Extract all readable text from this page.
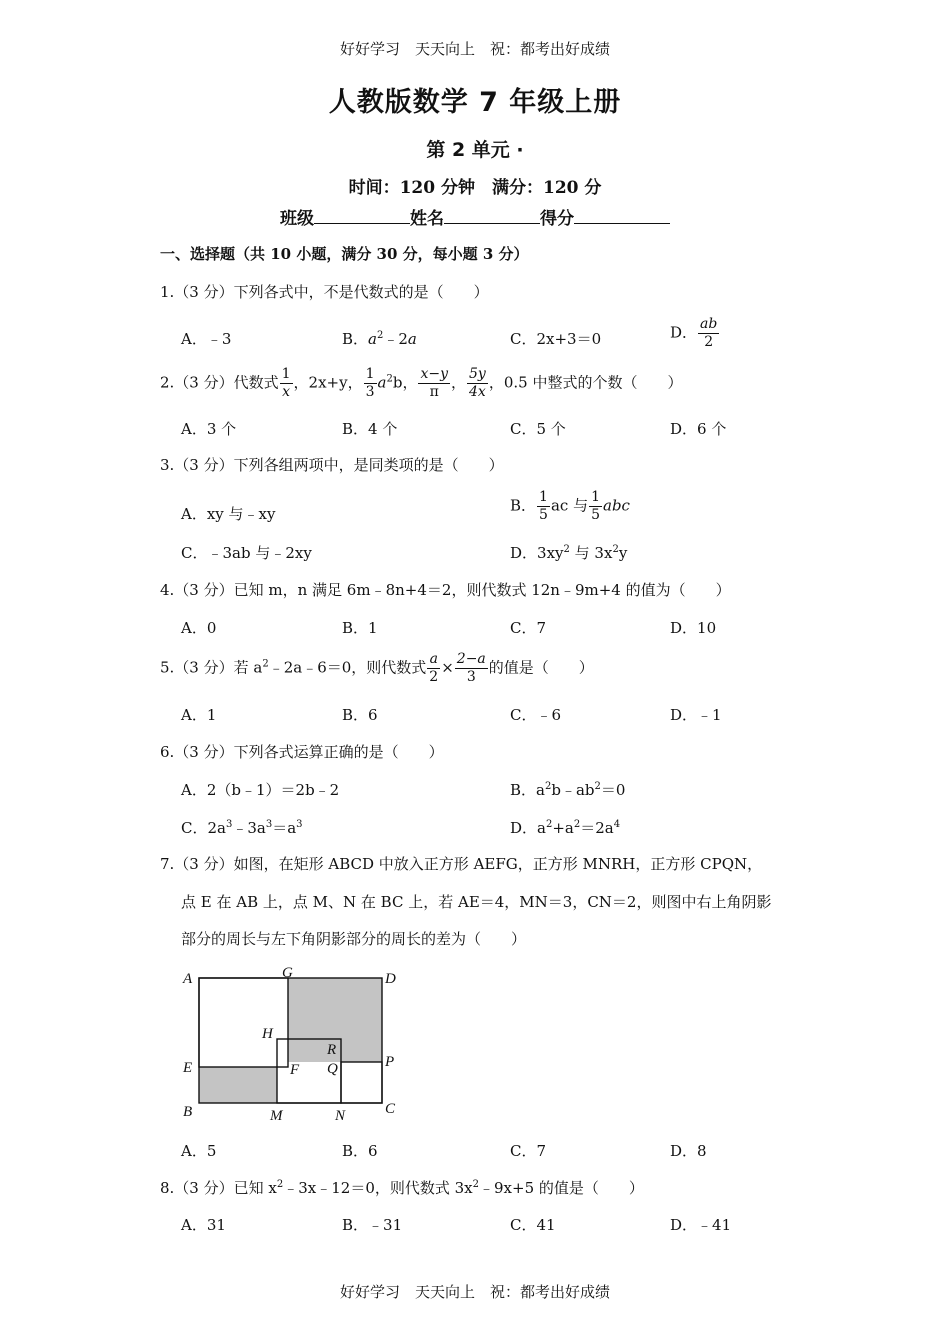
好好学习　天天向上　祝：都考出好成绩
人教版数学 7 年级上册
第 2 单元 ·
时间：120 分钟　满分：120 分
班级	姓名	得分
一、选择题（共 10 小题，满分 30 分，每小题 3 分）
1.（3 分）下列各式中，不是代数式的是（　　）
A．﹣3	B．$a^2﹣2a$	C．2x+3＝0	D． $\frac{ab}{2}$
2.（3 分）代数式 $\frac{1}{x}$ ，2x+y， $\frac{1}{3} a^2b$， $\frac{x-y}{\pi}$ ， $\frac{5y}{4x}$ ，0.5 中整式的个数（　　）
A．3 个	B．4 个	C．5 个	D．6 个
3.（3 分）下列各组两项中，是同类项的是（　　）
A．xy 与﹣xy	B． $\frac{1}{5}$ ac 与 $\frac{1}{5}$ abc
C．﹣3ab 与﹣2xy	D．$3xy^2$ 与 $3x^2y$
4.（3 分）已知 m，n 满足 6m﹣8n+4＝2，则代数式 12n﹣9m+4 的值为（　　）
A．0	B．1	C．7	D．10
5.（3 分）若 $a^2﹣2a﹣6=0$，则代数式 $\frac{a}{2} \times \frac{2-a}{3}$ 的值是（　　）
A．1	B．6	C．﹣6	D．﹣1
6.（3 分）下列各式运算正确的是（　　）
A．2（b﹣1）＝2b﹣2	B．$a^2b﹣ab^2=0$
C．$2a^3﹣3a^3=a^3$	D．$a^2+a^2=2a^4$
7.（3 分）如图，在矩形 ABCD 中放入正方形 AEFG，正方形 MNRH，正方形 CPQN，
点 E 在 AB 上，点 M、N 在 BC 上，若 AE＝4，MN＝3，CN＝2，则图中右上角阴影
部分的周长与左下角阴影部分的周长的差为（　　）
A	G	D
H
R
P
E	F Q
B	M	N	C
A．5	B．6	C．7	D．8
8.（3 分）已知 $x^2﹣3x﹣12=0$，则代数式 $3x^2﹣9x+5$ 的值是（　　）
A．31	B．﹣31	C．41	D．﹣41
好好学习　天天向上　祝：都考出好成绩
